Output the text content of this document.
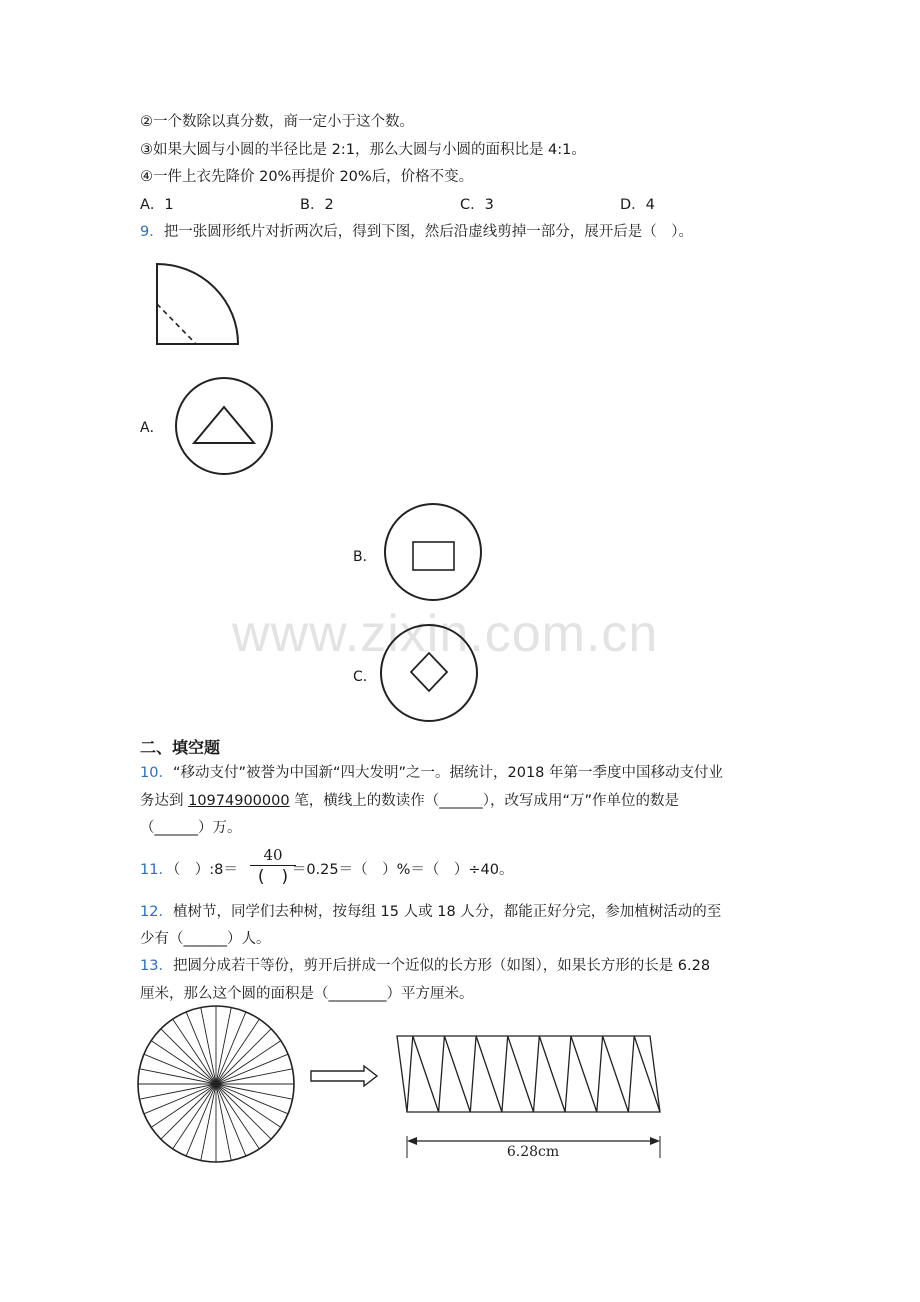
www.zixin.com.cn
②一个数除以真分数，商一定小于这个数。
③如果大圆与小圆的半径比是 2:1，那么大圆与小圆的面积比是 4:1。
④一件上衣先降价 20%再提价 20%后，价格不变。
A．1	B．2	C．3	D．4
9．把一张圆形纸片对折两次后，得到下图，然后沿虚线剪掉一部分，展开后是（　）。
A．
B．
C．
二、填空题
10．“移动支付”被誉为中国新“四大发明”之一。据统计，2018 年第一季度中国移动支付业
务达到 10974900000 笔，横线上的数读作（______），改写成用“万”作单位的数是
（______）万。
11．（　）:8＝	＝0.25＝（　）%＝（　）÷40。
40
(　)
12．植树节，同学们去种树，按每组 15 人或 18 人分，都能正好分完，参加植树活动的至
少有（______）人。
13．把圆分成若干等份，剪开后拼成一个近似的长方形（如图），如果长方形的长是 6.28
厘米，那么这个圆的面积是（________）平方厘米。
6.28cm
